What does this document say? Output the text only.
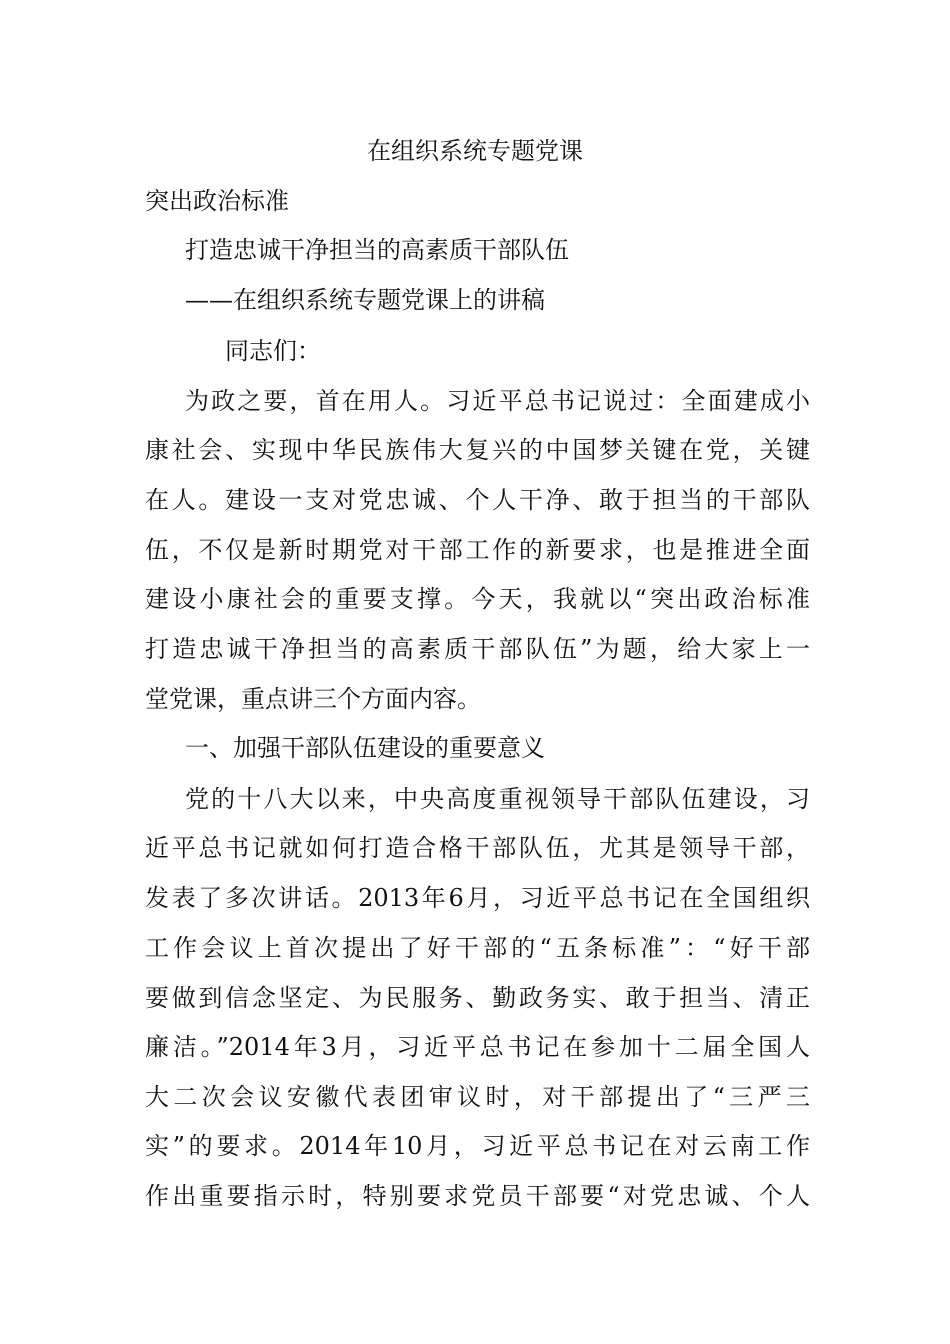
在组织系统专题党课
突出政治标准
打造忠诚干净担当的高素质干部队伍
——在组织系统专题党课上的讲稿
同志们：
为政之要，首在用人。习近平总书记说过：全面建成小
康社会、实现中华民族伟大复兴的中国梦关键在党，关键
在人。建设一支对党忠诚、个人干净、敢于担当的干部队
伍，不仅是新时期党对干部工作的新要求，也是推进全面
建设小康社会的重要支撑。今天，我就以“突出政治标准
打造忠诚干净担当的高素质干部队伍”为题，给大家上一
堂党课，重点讲三个方面内容。
一、加强干部队伍建设的重要意义
党的十八大以来，中央高度重视领导干部队伍建设，习
近平总书记就如何打造合格干部队伍，尤其是领导干部，
发表了多次讲话。2013年6月，习近平总书记在全国组织
工作会议上首次提出了好干部的“五条标准”：“好干部
要做到信念坚定、为民服务、勤政务实、敢于担当、清正
廉洁。”2014年3月，习近平总书记在参加十二届全国人
大二次会议安徽代表团审议时，对干部提出了“三严三
实”的要求。2014年10月，习近平总书记在对云南工作
作出重要指示时，特别要求党员干部要“对党忠诚、个人
